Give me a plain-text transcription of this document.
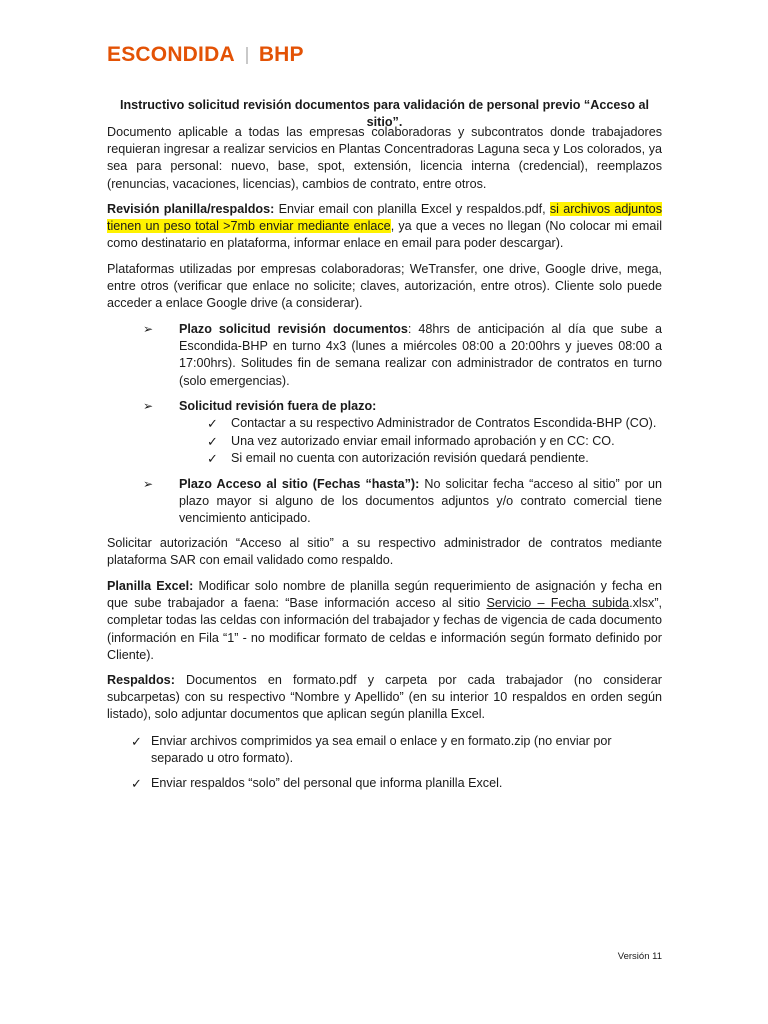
ESCONDIDA BHP
Instructivo solicitud revisión documentos para validación de personal previo “Acceso al sitio”.

Documento aplicable a todas las empresas colaboradoras y subcontratos donde trabajadores requieran ingresar a realizar servicios en Plantas Concentradoras Laguna seca y Los colorados, ya sea para personal: nuevo, base, spot, extensión, licencia interna (credencial), reemplazos (renuncias, vacaciones, licencias), cambios de contrato, entre otros.

Revisión planilla/respaldos: Enviar email con planilla Excel y respaldos.pdf, si archivos adjuntos tienen un peso total >7mb enviar mediante enlace, ya que a veces no llegan (No colocar mi email como destinatario en plataforma, informar enlace en email para poder descargar).

Plataformas utilizadas por empresas colaboradoras; WeTransfer, one drive, Google drive, mega, entre otros (verificar que enlace no solicite; claves, autorización, entre otros). Cliente solo puede acceder a enlace Google drive (a considerar).

➢	Plazo solicitud revisión documentos: 48hrs de anticipación al día que sube a Escondida-BHP en turno 4x3 (lunes a miércoles 08:00 a 20:00hrs y jueves 08:00 a 17:00hrs). Solitudes fin de semana realizar con administrador de contratos en turno (solo emergencias).

➢	Solicitud revisión fuera de plazo:

✓	Contactar a su respectivo Administrador de Contratos Escondida-BHP (CO).

✓	Una vez autorizado enviar email informado aprobación y en CC: CO.

✓	Si email no cuenta con autorización revisión quedará pendiente.

➢	Plazo Acceso al sitio (Fechas “hasta”): No solicitar fecha “acceso al sitio” por un plazo mayor si alguno de los documentos adjuntos y/o contrato comercial tiene vencimiento anticipado.

Solicitar autorización “Acceso al sitio” a su respectivo administrador de contratos mediante plataforma SAR con email validado como respaldo.

Planilla Excel: Modificar solo nombre de planilla según requerimiento de asignación y fecha en que sube trabajador a faena: “Base información acceso al sitio Servicio – Fecha subida.xlsx”, completar todas las celdas con información del trabajador y fechas de vigencia de cada documento (información en Fila “1” - no modificar formato de celdas e información según formato definido por Cliente).

Respaldos: Documentos en formato.pdf y carpeta por cada trabajador (no considerar subcarpetas) con su respectivo “Nombre y Apellido” (en su interior 10 respaldos en orden según listado), solo adjuntar documentos que aplican según planilla Excel.

✓ Enviar archivos comprimidos ya sea email o enlace y en formato.zip (no enviar por separado u otro formato).

✓ Enviar respaldos “solo” del personal que informa planilla Excel.

Versión 11
